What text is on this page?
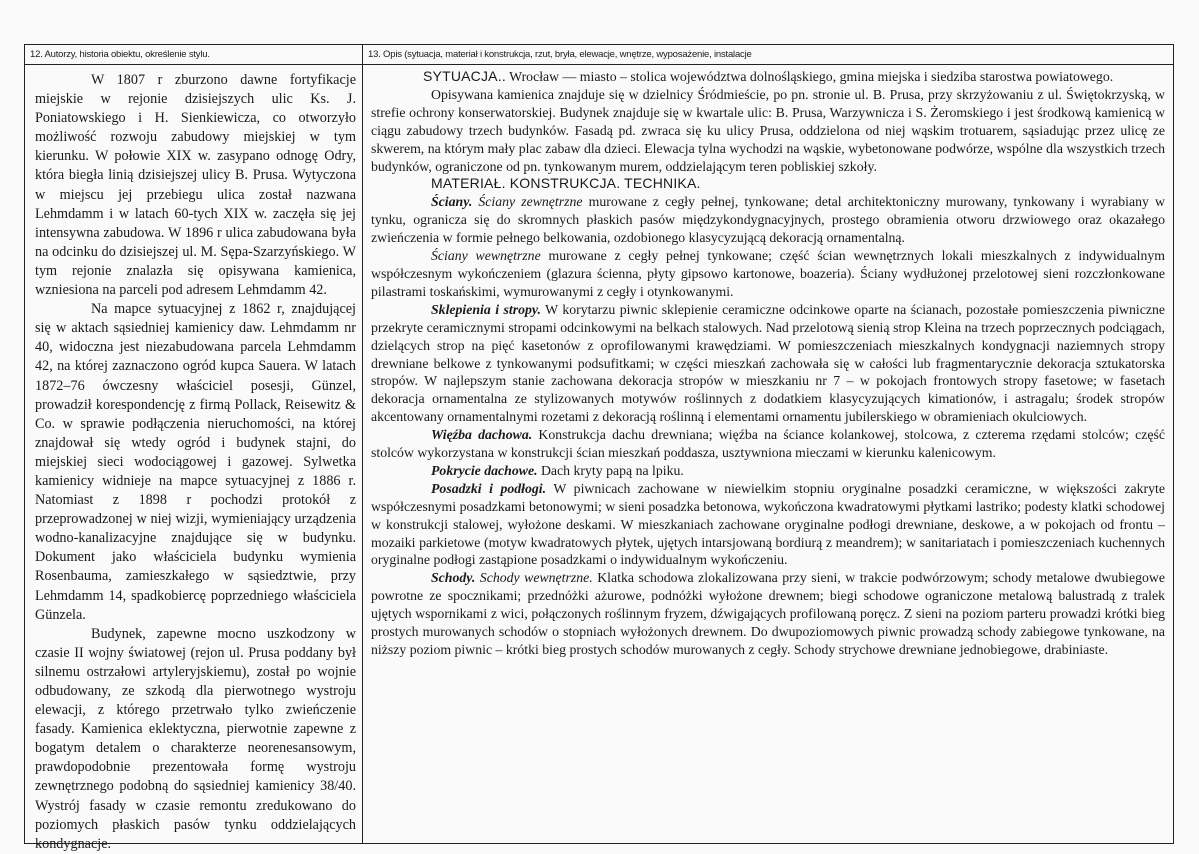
12. Autorzy, historia obiektu, określenie stylu.

W 1807 r zburzono dawne fortyfikacje miejskie w rejonie dzisiejszych ulic Ks. J. Poniatowskiego i H. Sienkiewicza, co otworzyło możliwość rozwoju zabudowy miejskiej w tym kierunku. W połowie XIX w. zasypano odnogę Odry, która biegła linią dzisiejszej ulicy B. Prusa. Wytyczona w miejscu jej przebiegu ulica został nazwana Lehmdamm i w latach 60-tych XIX w. zaczęła się jej intensywna zabudowa. W 1896 r ulica zabudowana była na odcinku do dzisiejszej ul. M. Sępa-Szarzyńskiego. W tym rejonie znalazła się opisywana kamienica, wzniesiona na parceli pod adresem Lehmdamm 42.

Na mapce sytuacyjnej z 1862 r, znajdującej się w aktach sąsiedniej kamienicy daw. Lehmdamm nr 40, widoczna jest niezabudowana parcela Lehmdamm 42, na której zaznaczono ogród kupca Sauera. W latach 1872–76 ówczesny właściciel posesji, Günzel, prowadził korespondencję z firmą Pollack, Reisewitz & Co. w sprawie podłączenia nieruchomości, na której znajdował się wtedy ogród i budynek stajni, do miejskiej sieci wodociągowej i gazowej. Sylwetka kamienicy widnieje na mapce sytuacyjnej z 1886 r. Natomiast z 1898 r pochodzi protokół z przeprowadzonej w niej wizji, wymieniający urządzenia wodno-kanalizacyjne znajdujące się w budynku. Dokument jako właściciela budynku wymienia Rosenbauma, zamieszkałego w sąsiedztwie, przy Lehmdamm 14, spadkobiercę poprzedniego właściciela Günzela.

Budynek, zapewne mocno uszkodzony w czasie II wojny światowej (rejon ul. Prusa poddany był silnemu ostrzałowi artyleryjskiemu), został po wojnie odbudowany, ze szkodą dla pierwotnego wystroju elewacji, z którego przetrwało tylko zwieńczenie fasady. Kamienica eklektyczna, pierwotnie zapewne z bogatym detalem o charakterze neorenesansowym, prawdopodobnie prezentowała formę wystroju zewnętrznego podobną do sąsiedniej kamienicy 38/40. Wystrój fasady w czasie remontu zredukowano do poziomych płaskich pasów tynku oddzielających kondygnacje.

13. Opis (sytuacja, materiał i konstrukcja, rzut, bryła, elewacje, wnętrze, wyposażenie, instalacje

SYTUACJA.. Wrocław — miasto – stolica województwa dolnośląskiego, gmina miejska i siedziba starostwa powiatowego.

Opisywana kamienica znajduje się w dzielnicy Śródmieście, po pn. stronie ul. B. Prusa, przy skrzyżowaniu z ul. Świętokrzyską, w strefie ochrony konserwatorskiej. Budynek znajduje się w kwartale ulic: B. Prusa, Warzywnicza i S. Żeromskiego i jest środkową kamienicą w ciągu zabudowy trzech budynków. Fasadą pd. zwraca się ku ulicy Prusa, oddzielona od niej wąskim trotuarem, sąsiadując przez ulicę ze skwerem, na którym mały plac zabaw dla dzieci. Elewacja tylna wychodzi na wąskie, wybetonowane podwórze, wspólne dla wszystkich trzech budynków, ograniczone od pn. tynkowanym murem, oddzielającym teren pobliskiej szkoły.

MATERIAŁ. KONSTRUKCJA. TECHNIKA.

Ściany. Ściany zewnętrzne murowane z cegły pełnej, tynkowane; detal architektoniczny murowany, tynkowany i wyrabiany w tynku, ogranicza się do skromnych płaskich pasów międzykondygnacyjnych, prostego obramienia otworu drzwiowego oraz okazałego zwieńczenia w formie pełnego belkowania, ozdobionego klasycyzującą dekoracją ornamentalną.

Ściany wewnętrzne murowane z cegły pełnej tynkowane; część ścian wewnętrznych lokali mieszkalnych z indywidualnym współczesnym wykończeniem (glazura ścienna, płyty gipsowo kartonowe, boazeria). Ściany wydłużonej przelotowej sieni rozczłonkowane pilastrami toskańskimi, wymurowanymi z cegły i otynkowanymi.

Sklepienia i stropy. W korytarzu piwnic sklepienie ceramiczne odcinkowe oparte na ścianach, pozostałe pomieszczenia piwniczne przekryte ceramicznymi stropami odcinkowymi na belkach stalowych. Nad przelotową sienią strop Kleina na trzech poprzecznych podciągach, dzielących strop na pięć kasetonów z oprofilowanymi krawędziami. W pomieszczeniach mieszkalnych kondygnacji naziemnych stropy drewniane belkowe z tynkowanymi podsufitkami; w części mieszkań zachowała się w całości lub fragmentarycznie dekoracja sztukatorska stropów. W najlepszym stanie zachowana dekoracja stropów w mieszkaniu nr 7 – w pokojach frontowych stropy fasetowe; w fasetach dekoracja ornamentalna ze stylizowanych motywów roślinnych z dodatkiem klasycyzujących kimationów, i astragalu; środek stropów akcentowany ornamentalnymi rozetami z dekoracją roślinną i elementami ornamentu jubilerskiego w obramieniach okulciowych.

Więźba dachowa. Konstrukcja dachu drewniana; więźba na ściance kolankowej, stolcowa, z czterema rzędami stolców; część stolców wykorzystana w konstrukcji ścian mieszkań poddasza, usztywniona mieczami w kierunku kalenicowym.

Pokrycie dachowe. Dach kryty papą na lpiku.

Posadzki i podłogi. W piwnicach zachowane w niewielkim stopniu oryginalne posadzki ceramiczne, w większości zakryte współczesnymi posadzkami betonowymi; w sieni posadzka betonowa, wykończona kwadratowymi płytkami lastriko; podesty klatki schodowej w konstrukcji stalowej, wyłożone deskami. W mieszkaniach zachowane oryginalne podłogi drewniane, deskowe, a w pokojach od frontu – mozaiki parkietowe (motyw kwadratowych płytek, ujętych intarsjowaną bordiurą z meandrem); w sanitariatach i pomieszczeniach kuchennych oryginalne podłogi zastąpione posadzkami o indywidualnym wykończeniu.

Schody. Schody wewnętrzne. Klatka schodowa zlokalizowana przy sieni, w trakcie podwórzowym; schody metalowe dwubiegowe powrotne ze spocznikami; przednóżki ażurowe, podnóżki wyłożone drewnem; biegi schodowe ograniczone metalową balustradą z tralek ujętych wspornikami z wici, połączonych roślinnym fryzem, dźwigających profilowaną poręcz. Z sieni na poziom parteru prowadzi krótki bieg prostych murowanych schodów o stopniach wyłożonych drewnem. Do dwupoziomowych piwnic prowadzą schody zabiegowe tynkowane, na niższy poziom piwnic – krótki bieg prostych schodów murowanych z cegły. Schody strychowe drewniane jednobiegowe, drabiniaste.
